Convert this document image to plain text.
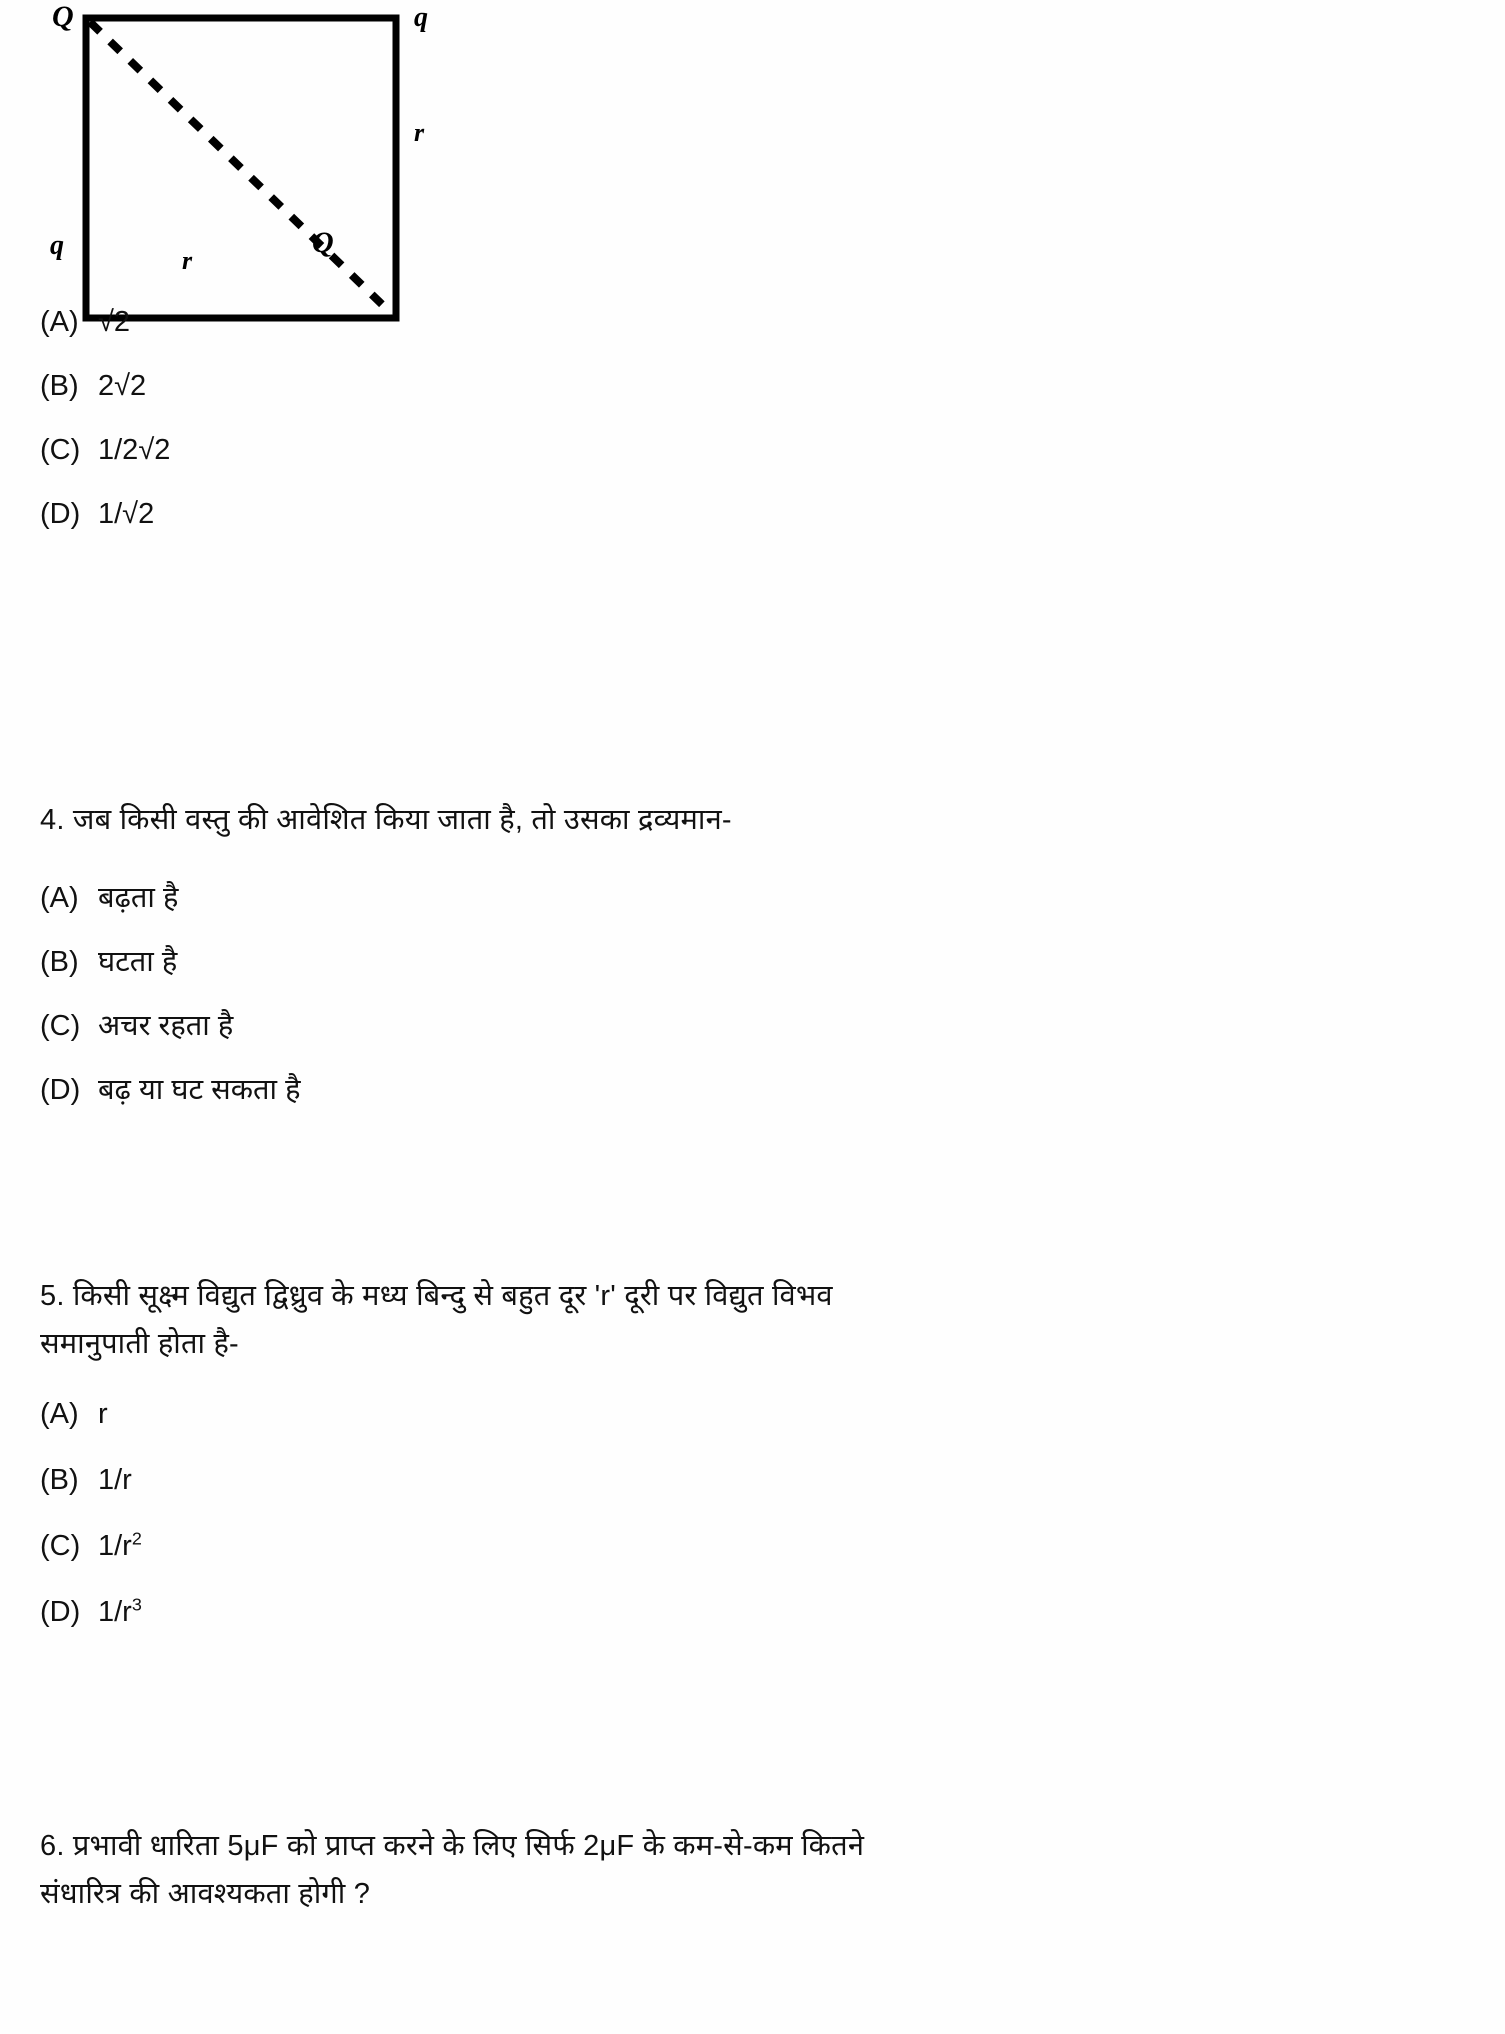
Q	q
r
q	r
Q
(A) √2
(B) 2√2
(C) 1/2√2
(D) 1/√2
4. जब किसी वस्तु की आवेशित किया जाता है, तो उसका द्रव्यमान-
(A) बढ़ता है
(B) घटता है
(C) अचर रहता है
(D) बढ़ या घट सकता है
5. किसी सूक्ष्म विद्युत द्विध्रुव के मध्य बिन्दु से बहुत दूर 'r' दूरी पर विद्युत विभव
समानुपाती होता है-
(A) r
(B) 1/r
(C) $1/r^2$
(D) $1/r^3$
6. प्रभावी धारिता 5μF को प्राप्त करने के लिए सिर्फ 2μF के कम-से-कम कितने
संधारित्र की आवश्यकता होगी ?
